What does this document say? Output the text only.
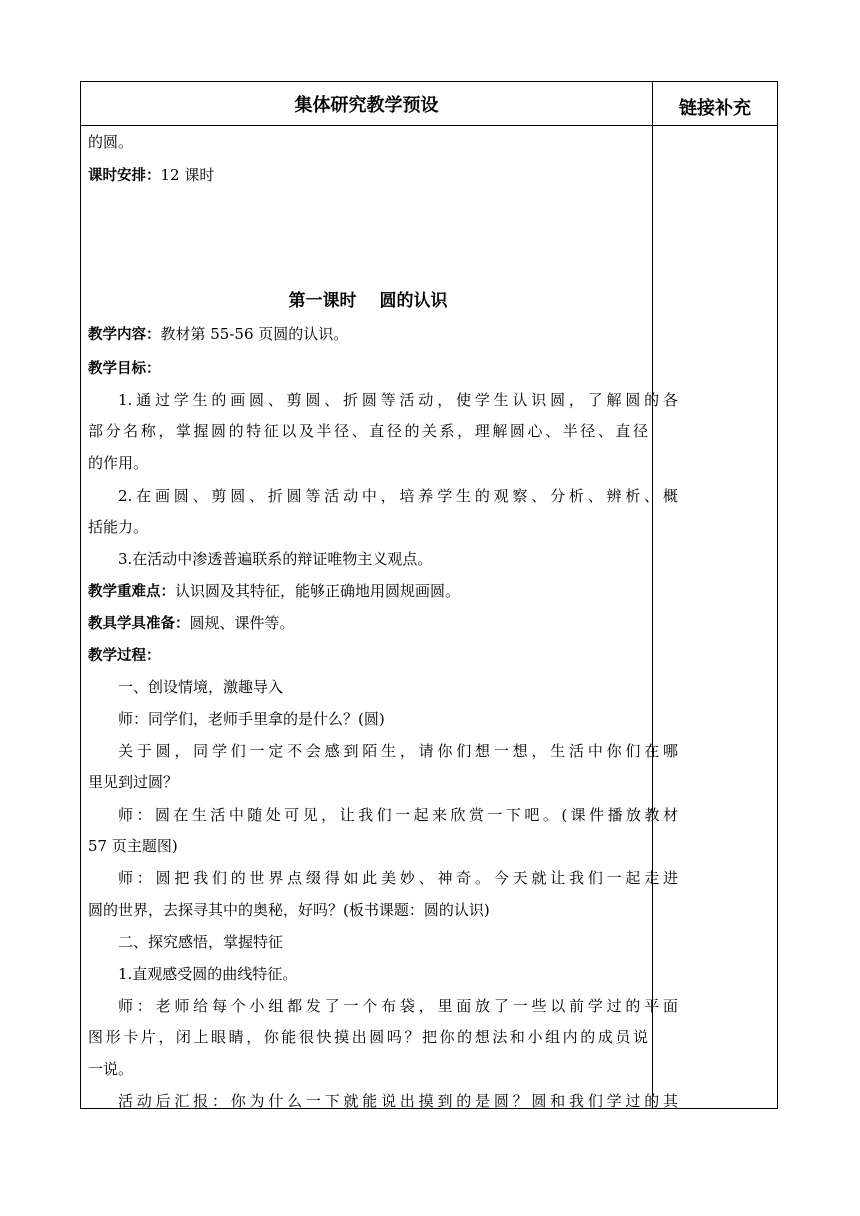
集体研究教学预设	链接补充
的圆。
课时安排：12 课时
第一课时　 圆的认识
教学内容：教材第 55-56 页圆的认识。
教学目标：
1.通过学生的画圆、剪圆、折圆等活动，使学生认识圆，了解圆的各
部分名称，掌握圆的特征以及半径、直径的关系，理解圆心、半径、直径
的作用。
2.在画圆、剪圆、折圆等活动中，培养学生的观察、分析、辨析、概
括能力。
3.在活动中渗透普遍联系的辩证唯物主义观点。
教学重难点：认识圆及其特征，能够正确地用圆规画圆。
教具学具准备：圆规、课件等。
教学过程：
一、创设情境，激趣导入
师：同学们，老师手里拿的是什么？(圆)
关于圆，同学们一定不会感到陌生，请你们想一想，生活中你们在哪
里见到过圆？
师：圆在生活中随处可见，让我们一起来欣赏一下吧。(课件播放教材
57 页主题图)
师：圆把我们的世界点缀得如此美妙、神奇。今天就让我们一起走进
圆的世界，去探寻其中的奥秘，好吗？(板书课题：圆的认识)
二、探究感悟，掌握特征
1.直观感受圆的曲线特征。
师：老师给每个小组都发了一个布袋，里面放了一些以前学过的平面
图形卡片，闭上眼睛，你能很快摸出圆吗？把你的想法和小组内的成员说
一说。
活动后汇报：你为什么一下就能说出摸到的是圆？圆和我们学过的其
